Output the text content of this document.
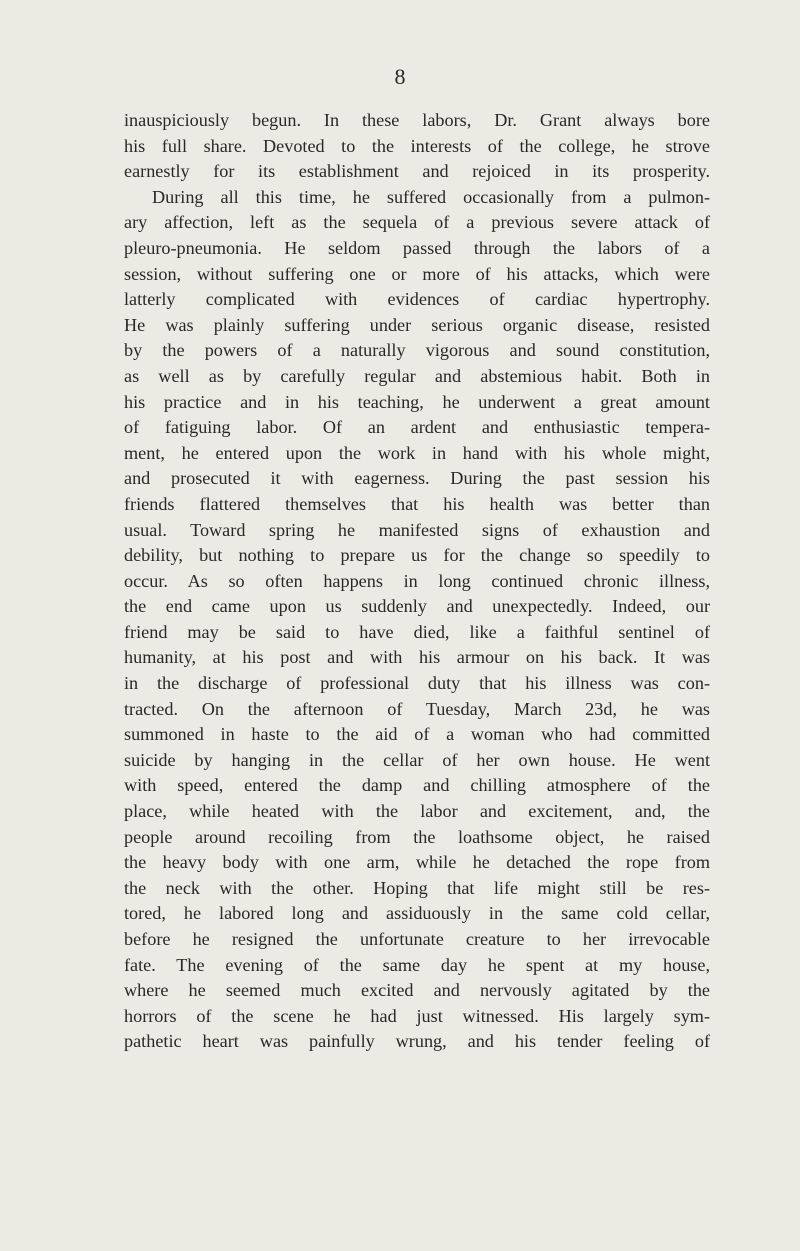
8
inauspiciously begun. In these labors, Dr. Grant always bore
his full share. Devoted to the interests of the college, he strove
earnestly for its establishment and rejoiced in its prosperity.
During all this time, he suffered occasionally from a pulmon-
ary affection, left as the sequela of a previous severe attack of
pleuro-pneumonia. He seldom passed through the labors of a
session, without suffering one or more of his attacks, which were
latterly complicated with evidences of cardiac hypertrophy.
He was plainly suffering under serious organic disease, resisted
by the powers of a naturally vigorous and sound constitution,
as well as by carefully regular and abstemious habit. Both in
his practice and in his teaching, he underwent a great amount
of fatiguing labor. Of an ardent and enthusiastic tempera-
ment, he entered upon the work in hand with his whole might,
and prosecuted it with eagerness. During the past session his
friends flattered themselves that his health was better than
usual. Toward spring he manifested signs of exhaustion and
debility, but nothing to prepare us for the change so speedily to
occur. As so often happens in long continued chronic illness,
the end came upon us suddenly and unexpectedly. Indeed, our
friend may be said to have died, like a faithful sentinel of
humanity, at his post and with his armour on his back. It was
in the discharge of professional duty that his illness was con-
tracted. On the afternoon of Tuesday, March 23d, he was
summoned in haste to the aid of a woman who had committed
suicide by hanging in the cellar of her own house. He went
with speed, entered the damp and chilling atmosphere of the
place, while heated with the labor and excitement, and, the
people around recoiling from the loathsome object, he raised
the heavy body with one arm, while he detached the rope from
the neck with the other. Hoping that life might still be res-
tored, he labored long and assiduously in the same cold cellar,
before he resigned the unfortunate creature to her irrevocable
fate. The evening of the same day he spent at my house,
where he seemed much excited and nervously agitated by the
horrors of the scene he had just witnessed. His largely sym-
pathetic heart was painfully wrung, and his tender feeling of
